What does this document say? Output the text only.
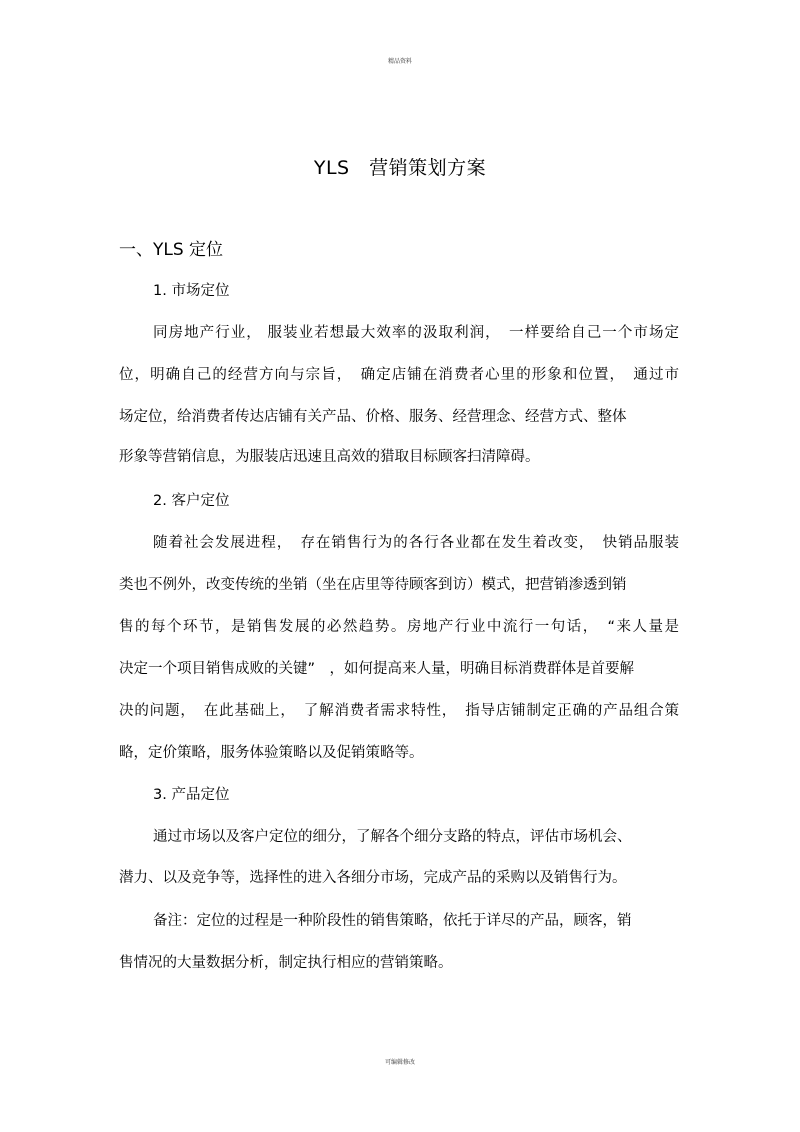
精品资料
YLS　营销策划方案
一、YLS 定位
1. 市场定位
同房地产行业， 服装业若想最大效率的汲取利润，　一样要给自己一个市场定
位，明确自己的经营方向与宗旨，　确定店铺在消费者心里的形象和位置，　通过市
场定位，给消费者传达店铺有关产品、价格、服务、经营理念、经营方式、整体
形象等营销信息，为服装店迅速且高效的猎取目标顾客扫清障碍。
2. 客户定位
随着社会发展进程，　存在销售行为的各行各业都在发生着改变，　快销品服装
类也不例外，改变传统的坐销（坐在店里等待顾客到访）模式，把营销渗透到销
售的每个环节，是销售发展的必然趋势。房地产行业中流行一句话，　“来人量是
决定一个项目销售成败的关键”　，如何提高来人量，明确目标消费群体是首要解
决的问题，　在此基础上，　了解消费者需求特性，　指导店铺制定正确的产品组合策
略，定价策略，服务体验策略以及促销策略等。
3. 产品定位
通过市场以及客户定位的细分，了解各个细分支路的特点，评估市场机会、
潜力、以及竞争等，选择性的进入各细分市场，完成产品的采购以及销售行为。
备注：定位的过程是一种阶段性的销售策略，依托于详尽的产品，顾客，销
售情况的大量数据分析，制定执行相应的营销策略。
可编辑修改
